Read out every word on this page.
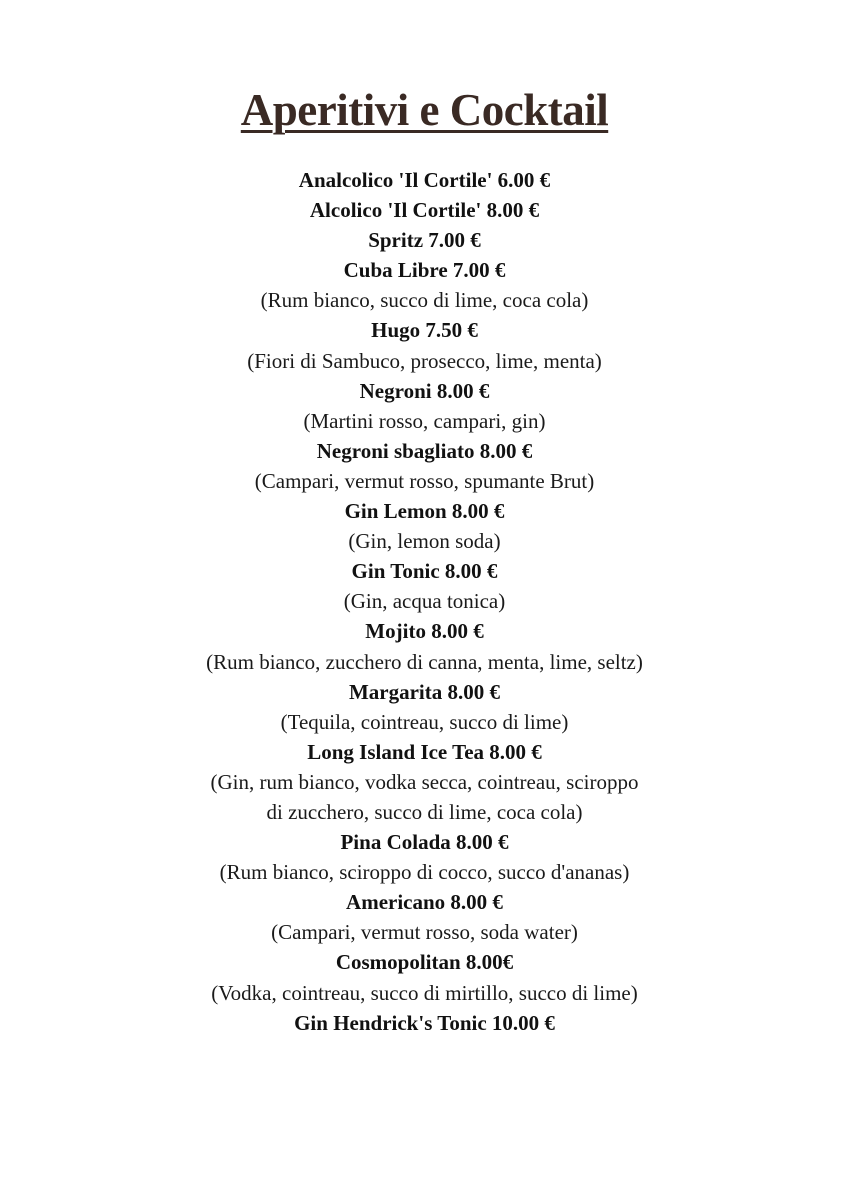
Aperitivi e Cocktail
Analcolico 'Il Cortile' 6.00 €
Alcolico 'Il Cortile' 8.00 €
Spritz 7.00 €
Cuba Libre 7.00 €
(Rum bianco, succo di lime, coca cola)
Hugo 7.50 €
(Fiori di Sambuco, prosecco, lime, menta)
Negroni 8.00 €
(Martini rosso, campari, gin)
Negroni sbagliato 8.00 €
(Campari, vermut rosso, spumante Brut)
Gin Lemon 8.00 €
(Gin, lemon soda)
Gin Tonic 8.00 €
(Gin, acqua tonica)
Mojito 8.00 €
(Rum bianco, zucchero di canna, menta, lime, seltz)
Margarita 8.00 €
(Tequila, cointreau, succo di lime)
Long Island Ice Tea 8.00 €
(Gin, rum bianco, vodka secca, cointreau, sciroppo
di zucchero, succo di lime, coca cola)
Pina Colada 8.00 €
(Rum bianco, sciroppo di cocco, succo d'ananas)
Americano 8.00 €
(Campari, vermut rosso, soda water)
Cosmopolitan 8.00€
(Vodka, cointreau, succo di mirtillo, succo di lime)
Gin Hendrick's Tonic 10.00 €
